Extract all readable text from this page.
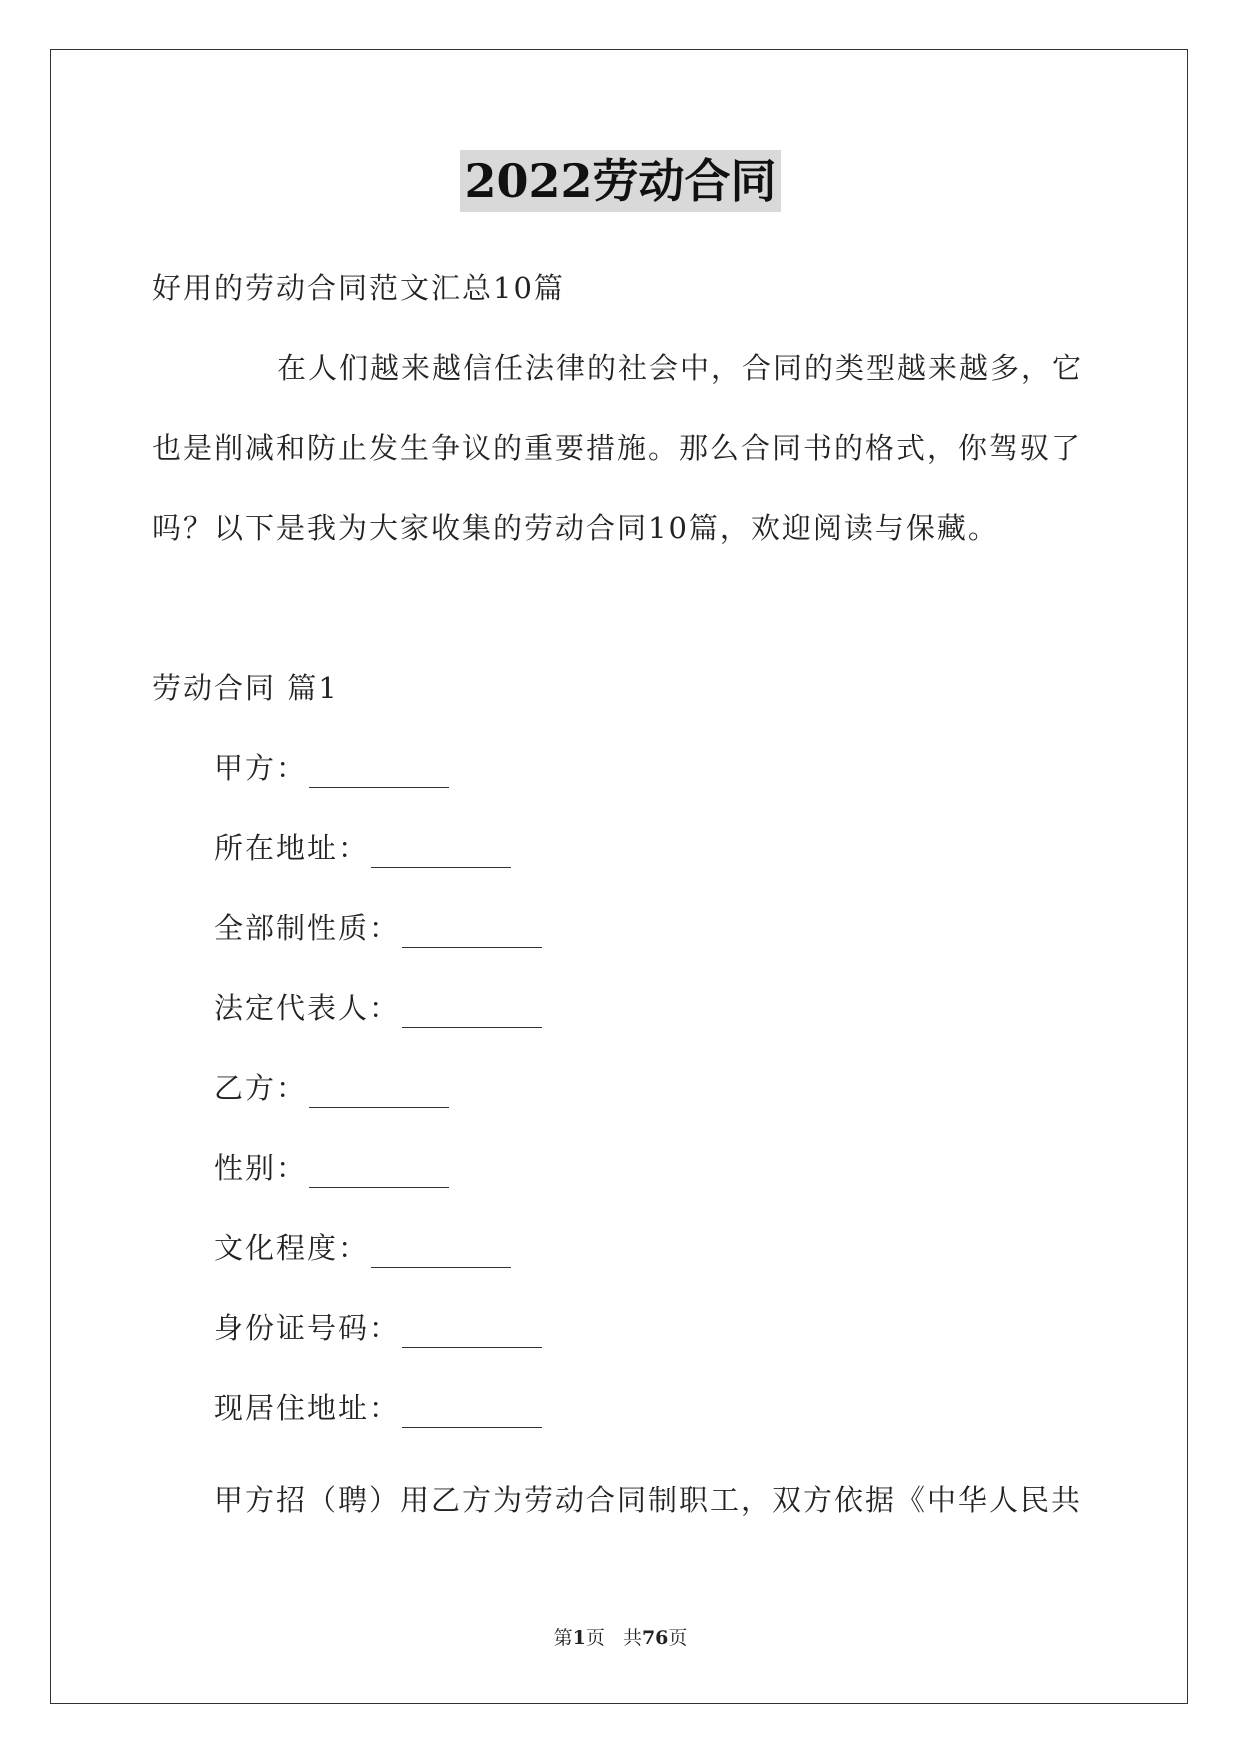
2022劳动合同
好用的劳动合同范文汇总10篇
在人们越来越信任法律的社会中，合同的类型越来越多，它
也是削减和防止发生争议的重要措施。那么合同书的格式，你驾驭了
吗？以下是我为大家收集的劳动合同10篇，欢迎阅读与保藏。
劳动合同 篇1
甲方：
所在地址：
全部制性质：
法定代表人：
乙方：
性别：
文化程度：
身份证号码：
现居住地址：
甲方招（聘）用乙方为劳动合同制职工，双方依据《中华人民共
第1页   共76页
